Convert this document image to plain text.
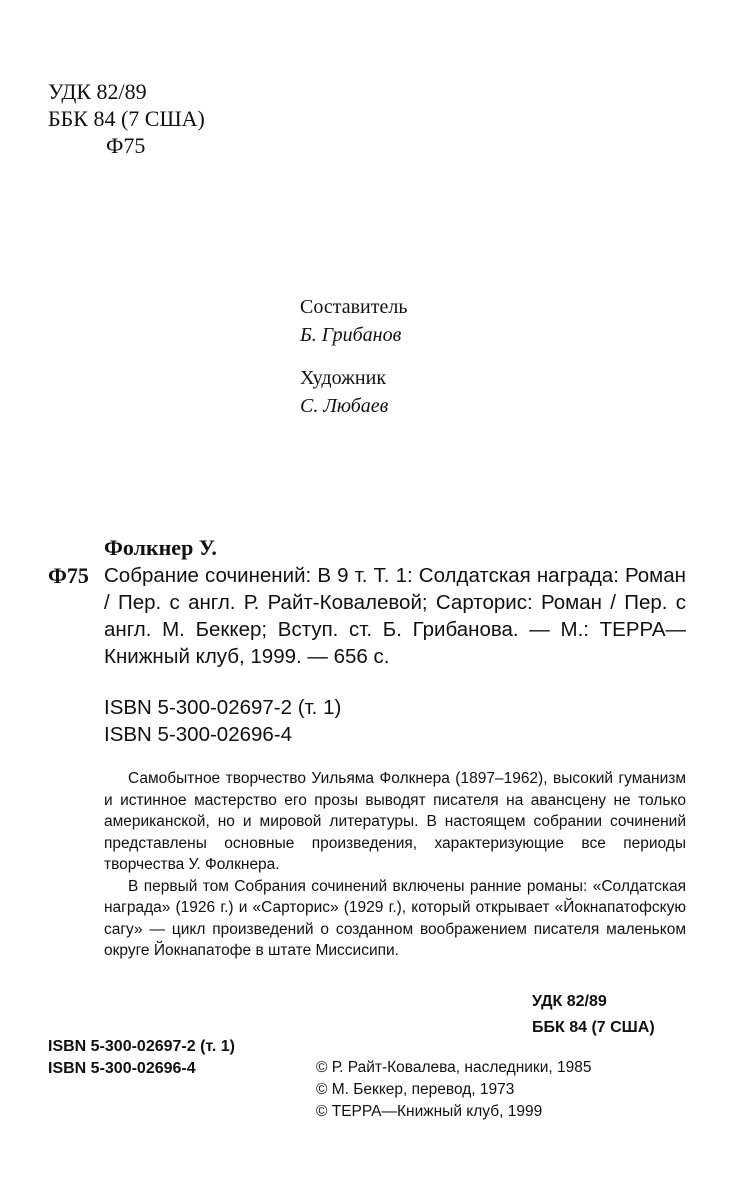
УДК 82/89
ББК 84 (7 США)
Ф75
Составитель
Б. Грибанов
Художник
С. Любаев
Фолкнер У.
Ф75 Собрание сочинений: В 9 т. Т. 1: Солдатская награда: Роман / Пер. с англ. Р. Райт-Ковалевой; Сарторис: Роман / Пер. с англ. М. Беккер; Вступ. ст. Б. Грибанова. — М.: ТЕРРА—Книжный клуб, 1999. — 656 с.
ISBN 5-300-02697-2 (т. 1)
ISBN 5-300-02696-4
Самобытное творчество Уильяма Фолкнера (1897–1962), высокий гуманизм и истинное мастерство его прозы выводят писателя на авансцену не только американской, но и мировой литературы. В настоящем собрании сочинений представлены основные произведения, характеризующие все периоды творчества У. Фолкнера.
В первый том Собрания сочинений включены ранние романы: «Солдатская награда» (1926 г.) и «Сарторис» (1929 г.), который открывает «Йокнапатофскую сагу» — цикл произведений о созданном воображением писателя маленьком округе Йокнапатофе в штате Миссисипи.
УДК 82/89
ББК 84 (7 США)
ISBN 5-300-02697-2 (т. 1)
ISBN 5-300-02696-4	© Р. Райт-Ковалева, наследники, 1985
© М. Беккер, перевод, 1973
© ТЕРРА—Книжный клуб, 1999
